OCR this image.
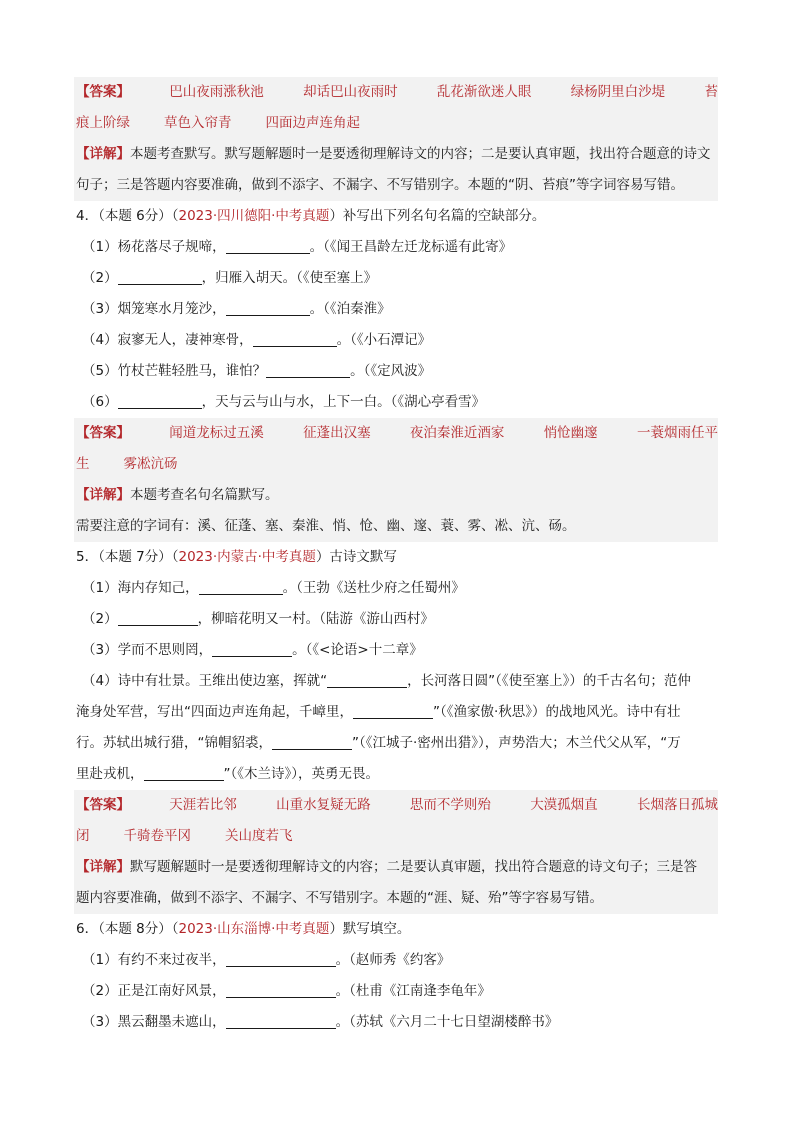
【答案】	巴山夜雨涨秋池	却话巴山夜雨时	乱花渐欲迷人眼	绿杨阴里白沙堤	苔
痕上阶绿	草色入帘青	四面边声连角起
【详解】本题考查默写。默写题解题时一是要透彻理解诗文的内容；二是要认真审题，找出符合题意的诗文句子；三是答题内容要准确，做到不添字、不漏字、不写错别字。本题的“阴、苔痕”等字词容易写错。
4．（本题 6分）（2023·四川德阳·中考真题）补写出下列名句名篇的空缺部分。
（1）杨花落尽子规啼，	。（《闻王昌龄左迁龙标遥有此寄》
（2）	，归雁入胡天。（《使至塞上》
（3）烟笼寒水月笼沙，	。（《泊秦淮》
（4）寂寥无人，凄神寒骨，	。（《小石潭记》
（5）竹杖芒鞋轻胜马，谁怕？	。（《定风波》
（6）	，天与云与山与水，上下一白。（《湖心亭看雪》
【答案】	闻道龙标过五溪	征蓬出汉塞	夜泊秦淮近酒家	悄怆幽邃	一蓑烟雨任平
生	雾凇沆砀
【详解】本题考查名句名篇默写。
需要注意的字词有：溪、征蓬、塞、秦淮、悄、怆、幽、邃、蓑、雾、凇、沆、砀。
5．（本题 7分）（2023·内蒙古·中考真题）古诗文默写
（1）海内存知己，	。（王勃《送杜少府之任蜀州》
（2）	，柳暗花明又一村。（陆游《游山西村》
（3）学而不思则罔，	。（《<论语>十二章》
（4）诗中有壮景。王维出使边塞，挥就“	，长河落日圆”（《使至塞上》）的千古名句；范仲
淹身处军营，写出“四面边声连角起，千嶂里，	”（《渔家傲·秋思》）的战地风光。诗中有壮
行。苏轼出城行猎，“锦帽貂裘，	”（《江城子·密州出猎》），声势浩大；木兰代父从军，“万
里赴戎机，	”（《木兰诗》），英勇无畏。
【答案】	天涯若比邻	山重水复疑无路	思而不学则殆	大漠孤烟直	长烟落日孤城
闭	千骑卷平冈	关山度若飞
【详解】默写题解题时一是要透彻理解诗文的内容；二是要认真审题，找出符合题意的诗文句子；三是答
题内容要准确，做到不添字、不漏字、不写错别字。本题的“涯、疑、殆”等字容易写错。
6．（本题 8分）（2023·山东淄博·中考真题）默写填空。
（1）有约不来过夜半，	。（赵师秀《约客》
（2）正是江南好风景，	。（杜甫《江南逢李龟年》
（3）黑云翻墨未遮山，	。（苏轼《六月二十七日望湖楼醉书》
